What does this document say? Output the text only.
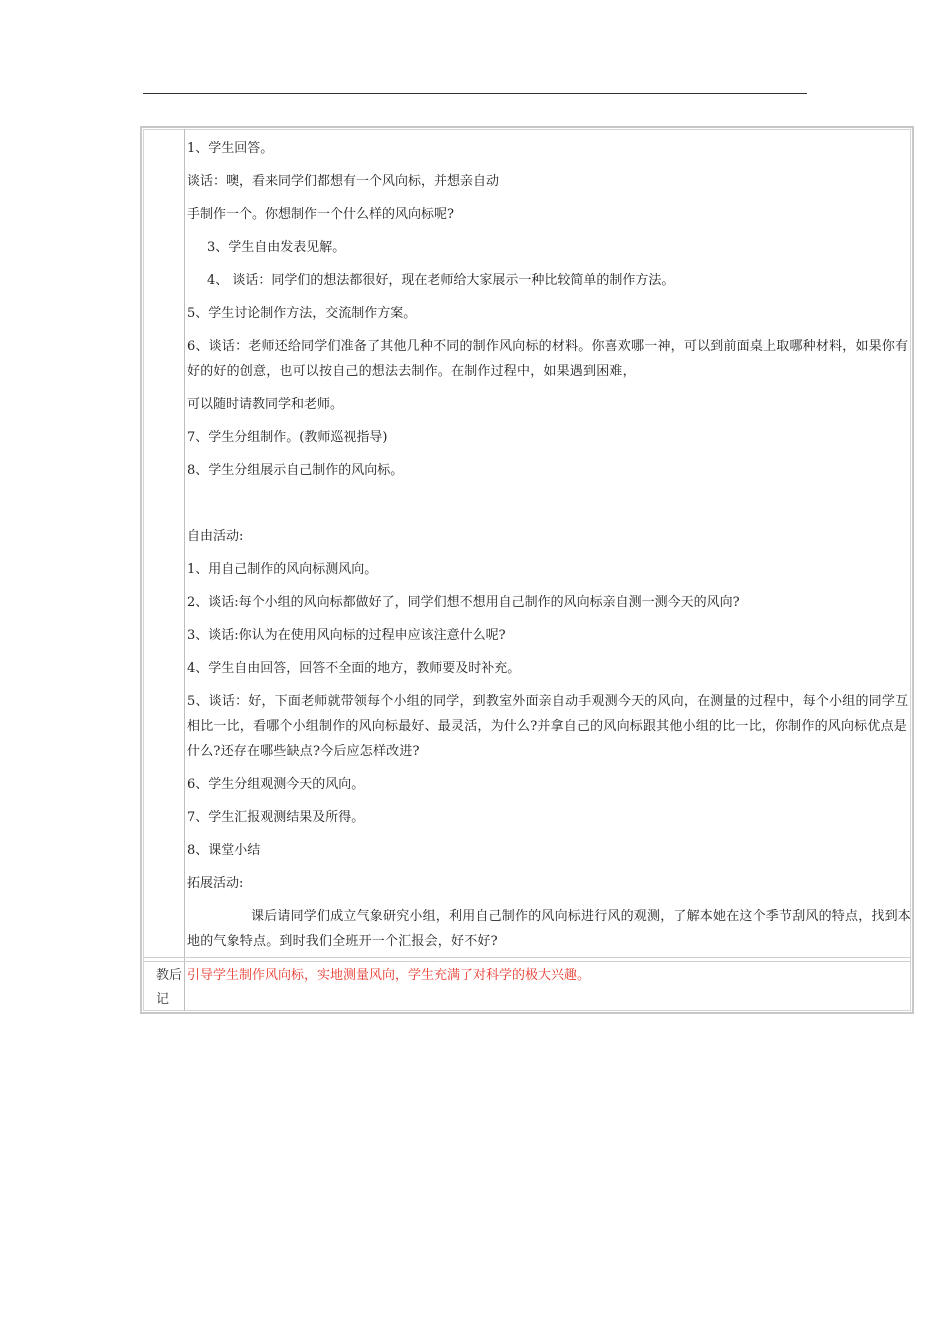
1、学生回答。

谈话：噢，看来同学们都想有一个风向标，并想亲自动

手制作一个。你想制作一个什么样的风向标呢?

3、学生自由发表见解。

4、 谈话：同学们的想法都很好，现在老师给大家展示一种比较简单的制作方法。

5、学生讨论制作方法，交流制作方案。

6、谈话：老师还给同学们准备了其他几种不同的制作风向标的材料。你喜欢哪一神，可以到前面桌上取哪种材料，如果你有好的好的创意，也可以按自己的想法去制作。在制作过程中，如果遇到困难，

可以随时请教同学和老师。

7、学生分组制作。(教师巡视指导)

8、学生分组展示自己制作的风向标。

自由活动:

1、用自己制作的风向标测风向。

2、谈话:每个小组的风向标都做好了，同学们想不想用自己制作的风向标亲自测一测今天的风向?

3、谈话:你认为在使用风向标的过程申应该注意什么呢?

4、学生自由回答，回答不全面的地方，教师要及时补充。

5、谈话：好，下面老师就带领每个小组的同学，到教室外面亲自动手观测今天的风向，在测量的过程中，每个小组的同学互相比一比，看哪个小组制作的风向标最好、最灵活，为什么?并拿自己的风向标跟其他小组的比一比，你制作的风向标优点是什么?还存在哪些缺点?今后应怎样改进?

6、学生分组观测今天的风向。

7、学生汇报观测结果及所得。

8、课堂小结

拓展活动:

课后请同学们成立气象研究小组，利用自己制作的风向标进行风的观测，了解本她在这个季节刮风的特点，找到本地的气象特点。到时我们全班开一个汇报会，好不好?

教后记
引导学生制作风向标，实地测量风向，学生充满了对科学的极大兴趣。
